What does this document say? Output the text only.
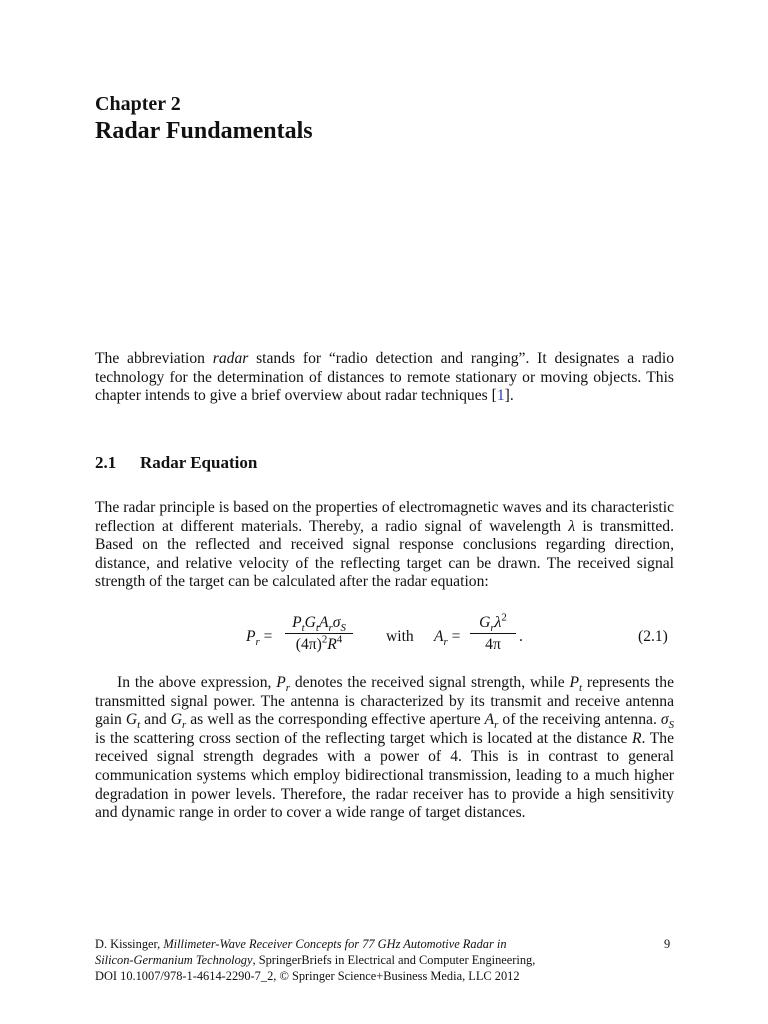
Chapter 2
Radar Fundamentals
The abbreviation radar stands for “radio detection and ranging”. It designates a radio technology for the determination of distances to remote stationary or moving objects. This chapter intends to give a brief overview about radar techniques [1].
2.1 Radar Equation
The radar principle is based on the properties of electromagnetic waves and its characteristic reflection at different materials. Thereby, a radio signal of wavelength λ is transmitted. Based on the reflected and received signal response conclusions regarding direction, distance, and relative velocity of the reflecting target can be drawn. The received signal strength of the target can be calculated after the radar equation:
$P_r$ =
$P_tG_tA_r\sigma_S$
$(4\pi)^2R^4$	with $A_r$ =
$G_r\lambda^2$
4π	.	(2.1)
In the above expression, $P_r$ denotes the received signal strength, while $P_t$ represents the transmitted signal power. The antenna is characterized by its transmit and receive antenna gain $G_t$ and $G_r$ as well as the corresponding effective aperture $A_r$ of the receiving antenna. $\sigma_S$ is the scattering cross section of the reflecting target which is located at the distance R. The received signal strength degrades with a power of 4. This is in contrast to general communication systems which employ bidirectional transmission, leading to a much higher degradation in power levels. Therefore, the radar receiver has to provide a high sensitivity and dynamic range in order to cover a wide range of target distances.
D. Kissinger, Millimeter-Wave Receiver Concepts for 77 GHz Automotive Radar in
Silicon-Germanium Technology, SpringerBriefs in Electrical and Computer Engineering,
DOI 10.1007/978-1-4614-2290-7_2, © Springer Science+Business Media, LLC 2012
9
